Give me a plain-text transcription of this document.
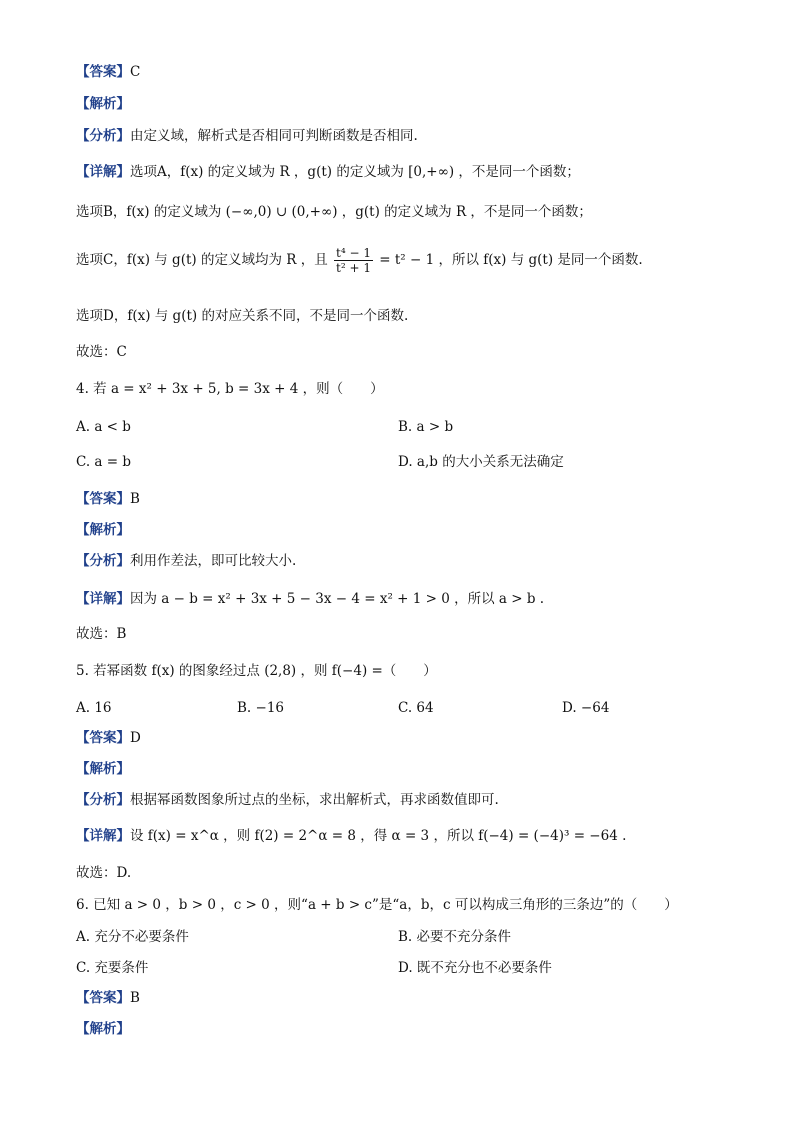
【答案】C
【解析】
【分析】由定义域，解析式是否相同可判断函数是否相同.
【详解】选项A，f(x) 的定义域为 R ，g(t) 的定义域为 [0,+∞) ，不是同一个函数；
选项B，f(x) 的定义域为 (−∞,0) ∪ (0,+∞) ，g(t) 的定义域为 R ，不是同一个函数；
选项C，f(x) 与 g(t) 的定义域均为 R ，且 $\frac{\text{t⁴ − 1}}{\text{t² + 1}} = t^2 - 1$ ，所以 f(x) 与 g(t) 是同一个函数.
选项D，f(x) 与 g(t) 的对应关系不同，不是同一个函数.
故选：C
4. 若 a = x² + 3x + 5, b = 3x + 4 ，则（　　）
A. a < b	B. a > b
C. a = b	D. a,b 的大小关系无法确定
【答案】B
【解析】
【分析】利用作差法，即可比较大小.
【详解】因为 a − b = x² + 3x + 5 − 3x − 4 = x² + 1 > 0 ，所以 a > b .
故选：B
5. 若幂函数 f(x) 的图象经过点 (2,8) ，则 f(−4) =（　　）
A. 16	B. −16	C. 64	D. −64
【答案】D
【解析】
【分析】根据幂函数图象所过点的坐标，求出解析式，再求函数值即可.
【详解】设 f(x) = x^α ，则 f(2) = 2^α = 8 ，得 α = 3 ，所以 f(−4) = (−4)³ = −64 .
故选：D.
6. 已知 a > 0 ，b > 0 ，c > 0 ，则“a + b > c”是“a，b，c 可以构成三角形的三条边”的（　　）
A. 充分不必要条件	B. 必要不充分条件
C. 充要条件	D. 既不充分也不必要条件
【答案】B
【解析】
